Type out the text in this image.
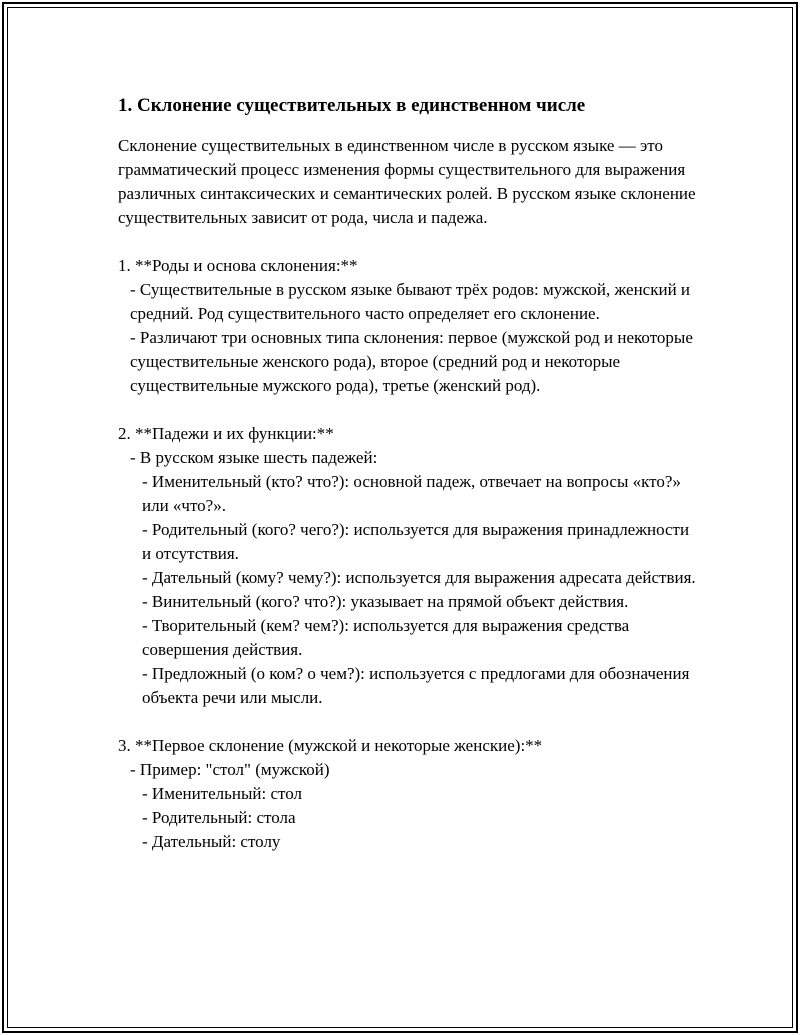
1. Склонение существительных в единственном числе

Склонение существительных в единственном числе в русском языке — это грамматический процесс изменения формы существительного для выражения различных синтаксических и семантических ролей. В русском языке склонение существительных зависит от рода, числа и падежа.

1. **Роды и основа склонения:**

- Существительные в русском языке бывают трёх родов: мужской, женский и средний. Род существительного часто определяет его склонение.

- Различают три основных типа склонения: первое (мужской род и некоторые существительные женского рода), второе (средний род и некоторые существительные мужского рода), третье (женский род).

2. **Падежи и их функции:**

- В русском языке шесть падежей:

- Именительный (кто? что?): основной падеж, отвечает на вопросы «кто?» или «что?».

- Родительный (кого? чего?): используется для выражения принадлежности и отсутствия.

- Дательный (кому? чему?): используется для выражения адресата действия.

- Винительный (кого? что?): указывает на прямой объект действия.

- Творительный (кем? чем?): используется для выражения средства совершения действия.

- Предложный (о ком? о чем?): используется с предлогами для обозначения объекта речи или мысли.

3. **Первое склонение (мужской и некоторые женские):**

- Пример: "стол" (мужской)

- Именительный: стол

- Родительный: стола

- Дательный: столу
